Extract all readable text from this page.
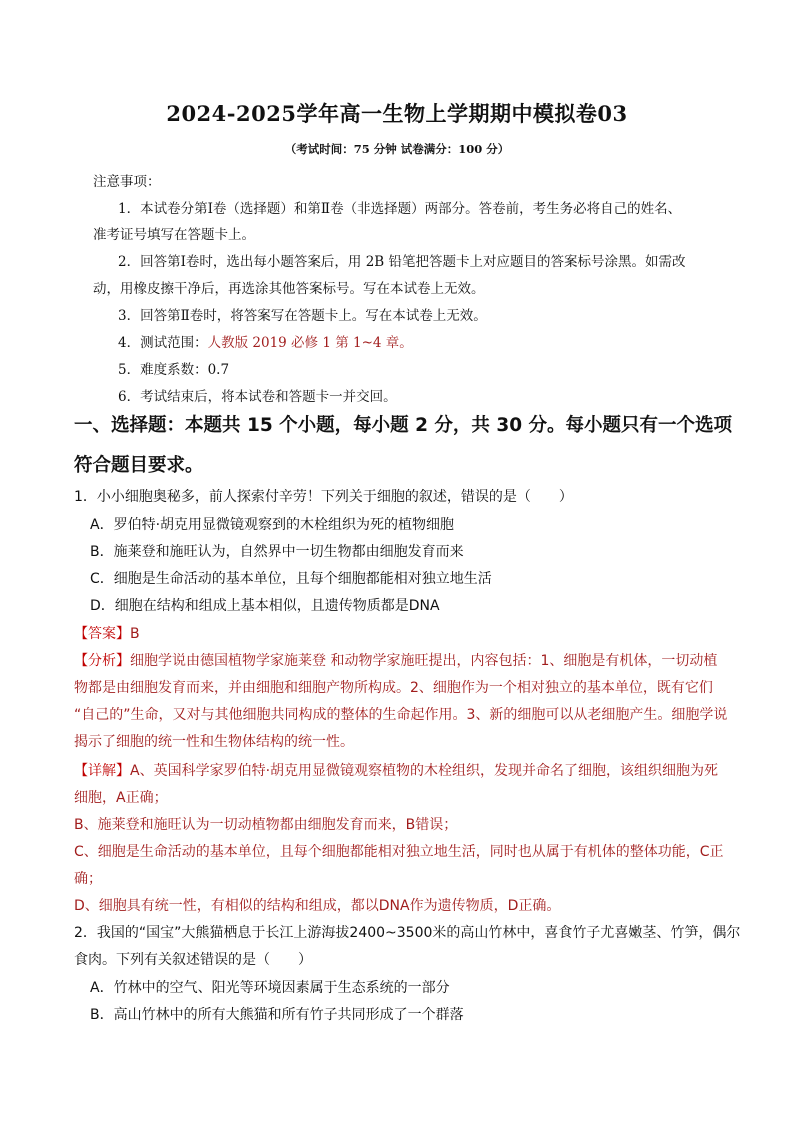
2024-2025学年高一生物上学期期中模拟卷03
（考试时间：75 分钟 试卷满分：100 分）
注意事项：
1．本试卷分第Ⅰ卷（选择题）和第Ⅱ卷（非选择题）两部分。答卷前，考生务必将自己的姓名、
准考证号填写在答题卡上。
2．回答第Ⅰ卷时，选出每小题答案后，用 2B 铅笔把答题卡上对应题目的答案标号涂黑。如需改
动，用橡皮擦干净后，再选涂其他答案标号。写在本试卷上无效。
3．回答第Ⅱ卷时，将答案写在答题卡上。写在本试卷上无效。
4．测试范围：人教版 2019 必修 1 第 1~4 章。
5．难度系数：0.7
6．考试结束后，将本试卷和答题卡一并交回。
一、选择题：本题共 15 个小题，每小题 2 分，共 30 分。每小题只有一个选项
符合题目要求。
1．小小细胞奥秘多，前人探索付辛劳！下列关于细胞的叙述，错误的是（　　）
A．罗伯特·胡克用显微镜观察到的木栓组织为死的植物细胞
B．施莱登和施旺认为，自然界中一切生物都由细胞发育而来
C．细胞是生命活动的基本单位，且每个细胞都能相对独立地生活
D．细胞在结构和组成上基本相似，且遗传物质都是DNA
【答案】B
【分析】细胞学说由德国植物学家施莱登 和动物学家施旺提出，内容包括：1、细胞是有机体，一切动植
物都是由细胞发育而来，并由细胞和细胞产物所构成。2、细胞作为一个相对独立的基本单位，既有它们
“自己的”生命，又对与其他细胞共同构成的整体的生命起作用。3、新的细胞可以从老细胞产生。细胞学说
揭示了细胞的统一性和生物体结构的统一性。
【详解】A、英国科学家罗伯特·胡克用显微镜观察植物的木栓组织，发现并命名了细胞，该组织细胞为死
细胞，A正确；
B、施莱登和施旺认为一切动植物都由细胞发育而来，B错误；
C、细胞是生命活动的基本单位，且每个细胞都能相对独立地生活，同时也从属于有机体的整体功能，C正
确；
D、细胞具有统一性，有相似的结构和组成，都以DNA作为遗传物质，D正确。
2．我国的“国宝”大熊猫栖息于长江上游海拔2400~3500米的高山竹林中，喜食竹子尤喜嫩茎、竹笋，偶尔
食肉。下列有关叙述错误的是（　　）
A．竹林中的空气、阳光等环境因素属于生态系统的一部分
B．高山竹林中的所有大熊猫和所有竹子共同形成了一个群落
